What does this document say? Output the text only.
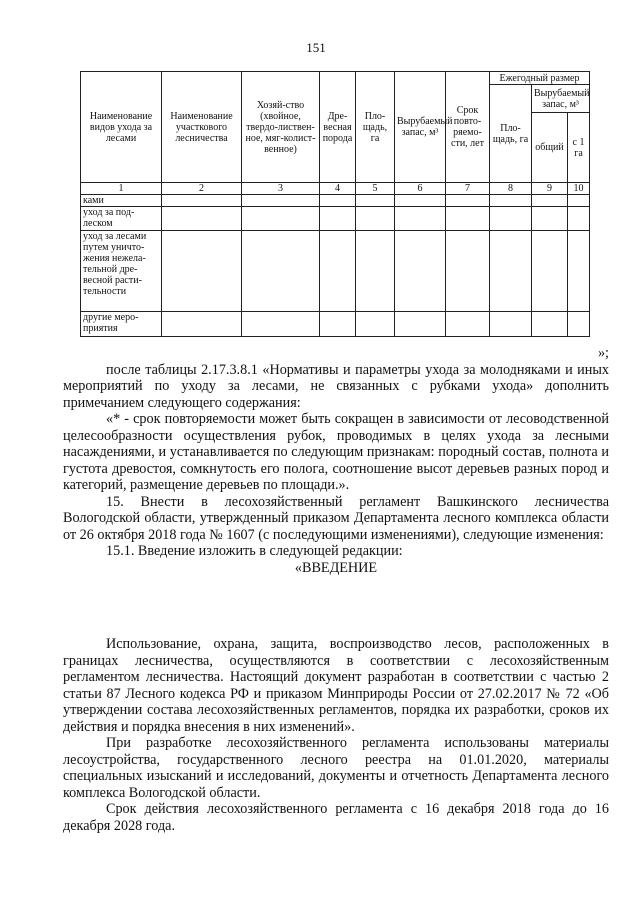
151
Наименование видов ухода за лесами	Наименование участкового лесничества	Хозяй-ство (хвойное, твердо-листвен-ное, мяг-колист-венное)	Дре-весная порода	Пло-щадь, га	Вырубаемый запас, м³	Срок повто-ряемо-сти, лет	Ежегодный размер		
							Пло-щадь, га	Вырубаемый запас, м³	
								общий	с 1 га
1	2	3	4	5	6	7	8	9	10
ками									
уход за под-леском									
уход за лесами путем уничто-жения нежела-тельной дре-весной расти-тельности									
другие меро-приятия									

»;

после таблицы 2.17.3.8.1 «Нормативы и параметры ухода за молодняками и иных мероприятий по уходу за лесами, не связанных с рубками ухода» дополнить примечанием следующего содержания:

«* - срок повторяемости может быть сокращен в зависимости от лесоводственной целесообразности осуществления рубок, проводимых в целях ухода за лесными насаждениями, и устанавливается по следующим признакам: породный состав, полнота и густота древостоя, сомкнутость его полога, соотношение высот деревьев разных пород и категорий, размещение деревьев по площади.».

15. Внести в лесохозяйственный регламент Вашкинского лесничества Вологодской области, утвержденный приказом Департамента лесного комплекса области от 26 октября 2018 года № 1607 (с последующими изменениями), следующие изменения:

15.1. Введение изложить в следующей редакции:

«ВВЕДЕНИЕ

Использование, охрана, защита, воспроизводство лесов, расположенных в границах лесничества, осуществляются в соответствии с лесохозяйственным регламентом лесничества. Настоящий документ разработан в соответствии с частью 2 статьи 87 Лесного кодекса РФ и приказом Минприроды России от 27.02.2017 № 72 «Об утверждении состава лесохозяйственных регламентов, порядка их разработки, сроков их действия и порядка внесения в них изменений».

При разработке лесохозяйственного регламента использованы материалы лесоустройства, государственного лесного реестра на 01.01.2020, материалы специальных изысканий и исследований, документы и отчетность Департамента лесного комплекса Вологодской области.

Срок действия лесохозяйственного регламента с 16 декабря 2018 года до 16 декабря 2028 года.
